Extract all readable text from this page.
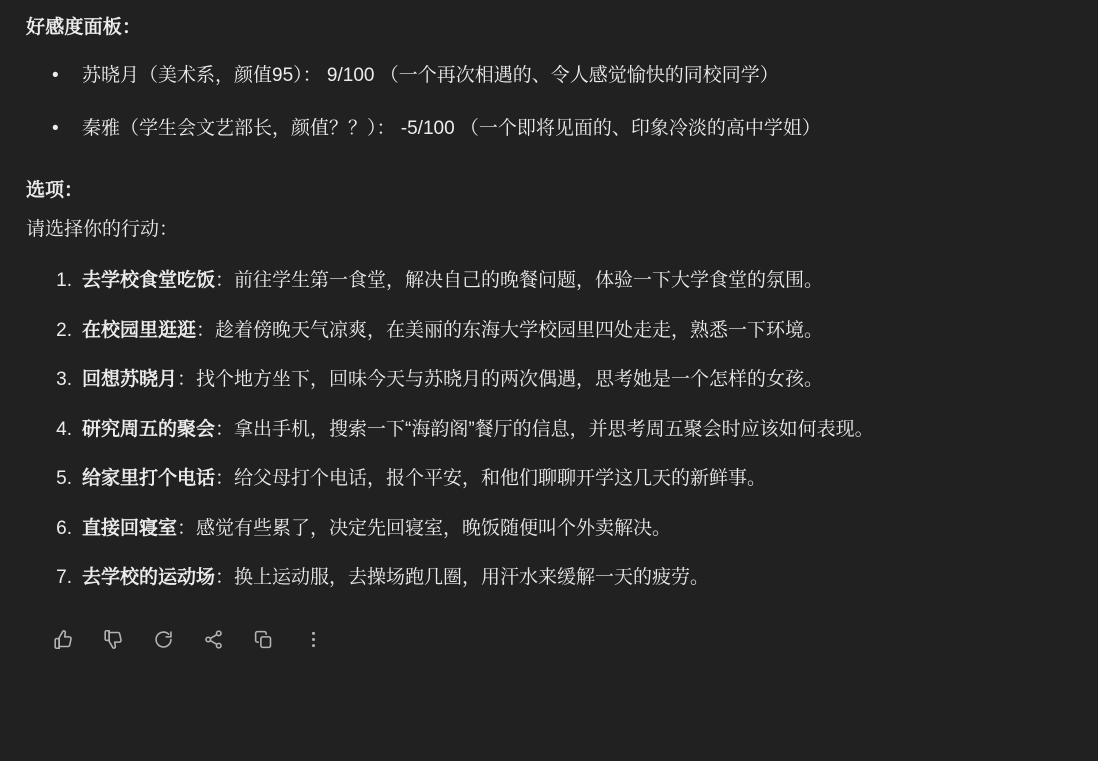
好感度面板：
• 苏晓月（美术系，颜值95）： 9/100 （一个再次相遇的、令人感觉愉快的同校同学）
• 秦雅（学生会文艺部长，颜值？？）： -5/100 （一个即将见面的、印象冷淡的高中学姐）
选项：
请选择你的行动：
去学校食堂吃饭：前往学生第一食堂，解决自己的晚餐问题，体验一下大学食堂的氛围。
在校园里逛逛：趁着傍晚天气凉爽，在美丽的东海大学校园里四处走走，熟悉一下环境。
回想苏晓月：找个地方坐下，回味今天与苏晓月的两次偶遇，思考她是一个怎样的女孩。
研究周五的聚会：拿出手机，搜索一下“海韵阁”餐厅的信息，并思考周五聚会时应该如何表现。
给家里打个电话：给父母打个电话，报个平安，和他们聊聊开学这几天的新鲜事。
直接回寝室：感觉有些累了，决定先回寝室，晚饭随便叫个外卖解决。
去学校的运动场：换上运动服，去操场跑几圈，用汗水来缓解一天的疲劳。
